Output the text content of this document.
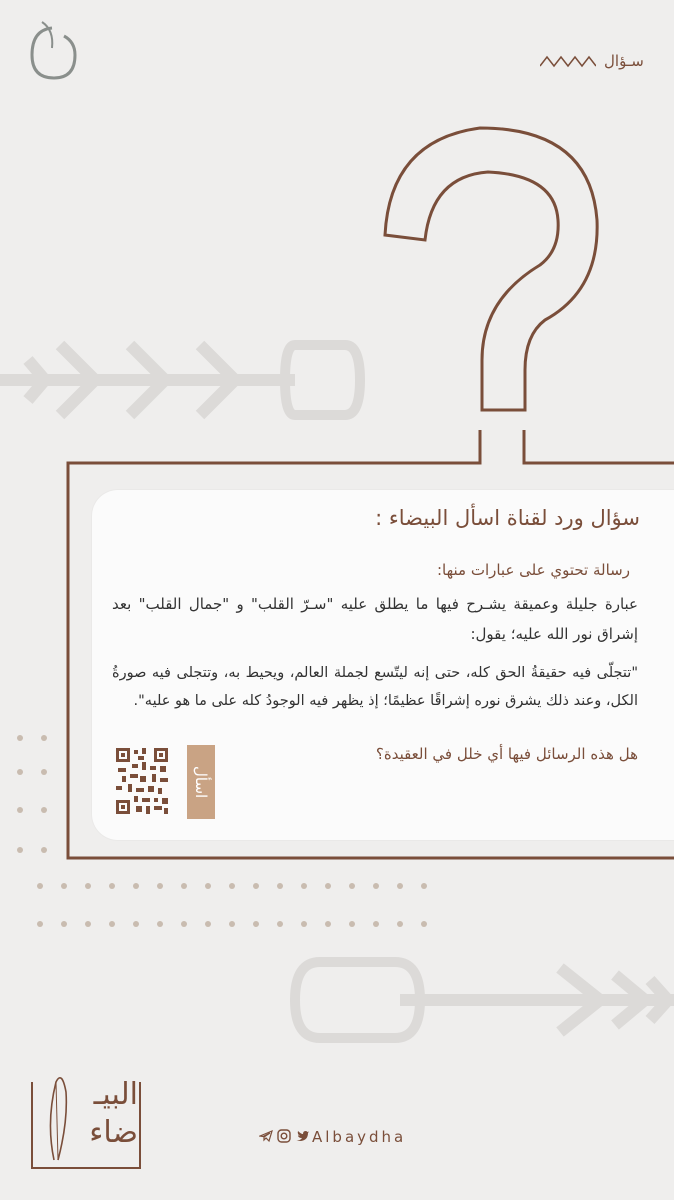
سـؤال
سؤال ورد لقناة اسأل البيضاء :
رسالة تحتوي على عبارات منها:
عبارة جليلة وعميقة يشـرح فيها ما يطلق عليه "سـرّ القلب" و "جمال القلب" بعد إشراق نور الله عليه؛ يقول:
"تتجلّى فيه حقيقةُ الحق كله، حتى إنه ليتّسع لجملة العالم، ويحيط به، وتتجلى فيه صورةُ الكل، وعند ذلك يشرق نوره إشراقًا عظيمًا؛ إذ يظهر فيه الوجودُ كله على ما هو عليه".
هل هذه الرسائل فيها أي خلل في العقيدة؟
اسأل
Albaydha
البيـ
ضاء
